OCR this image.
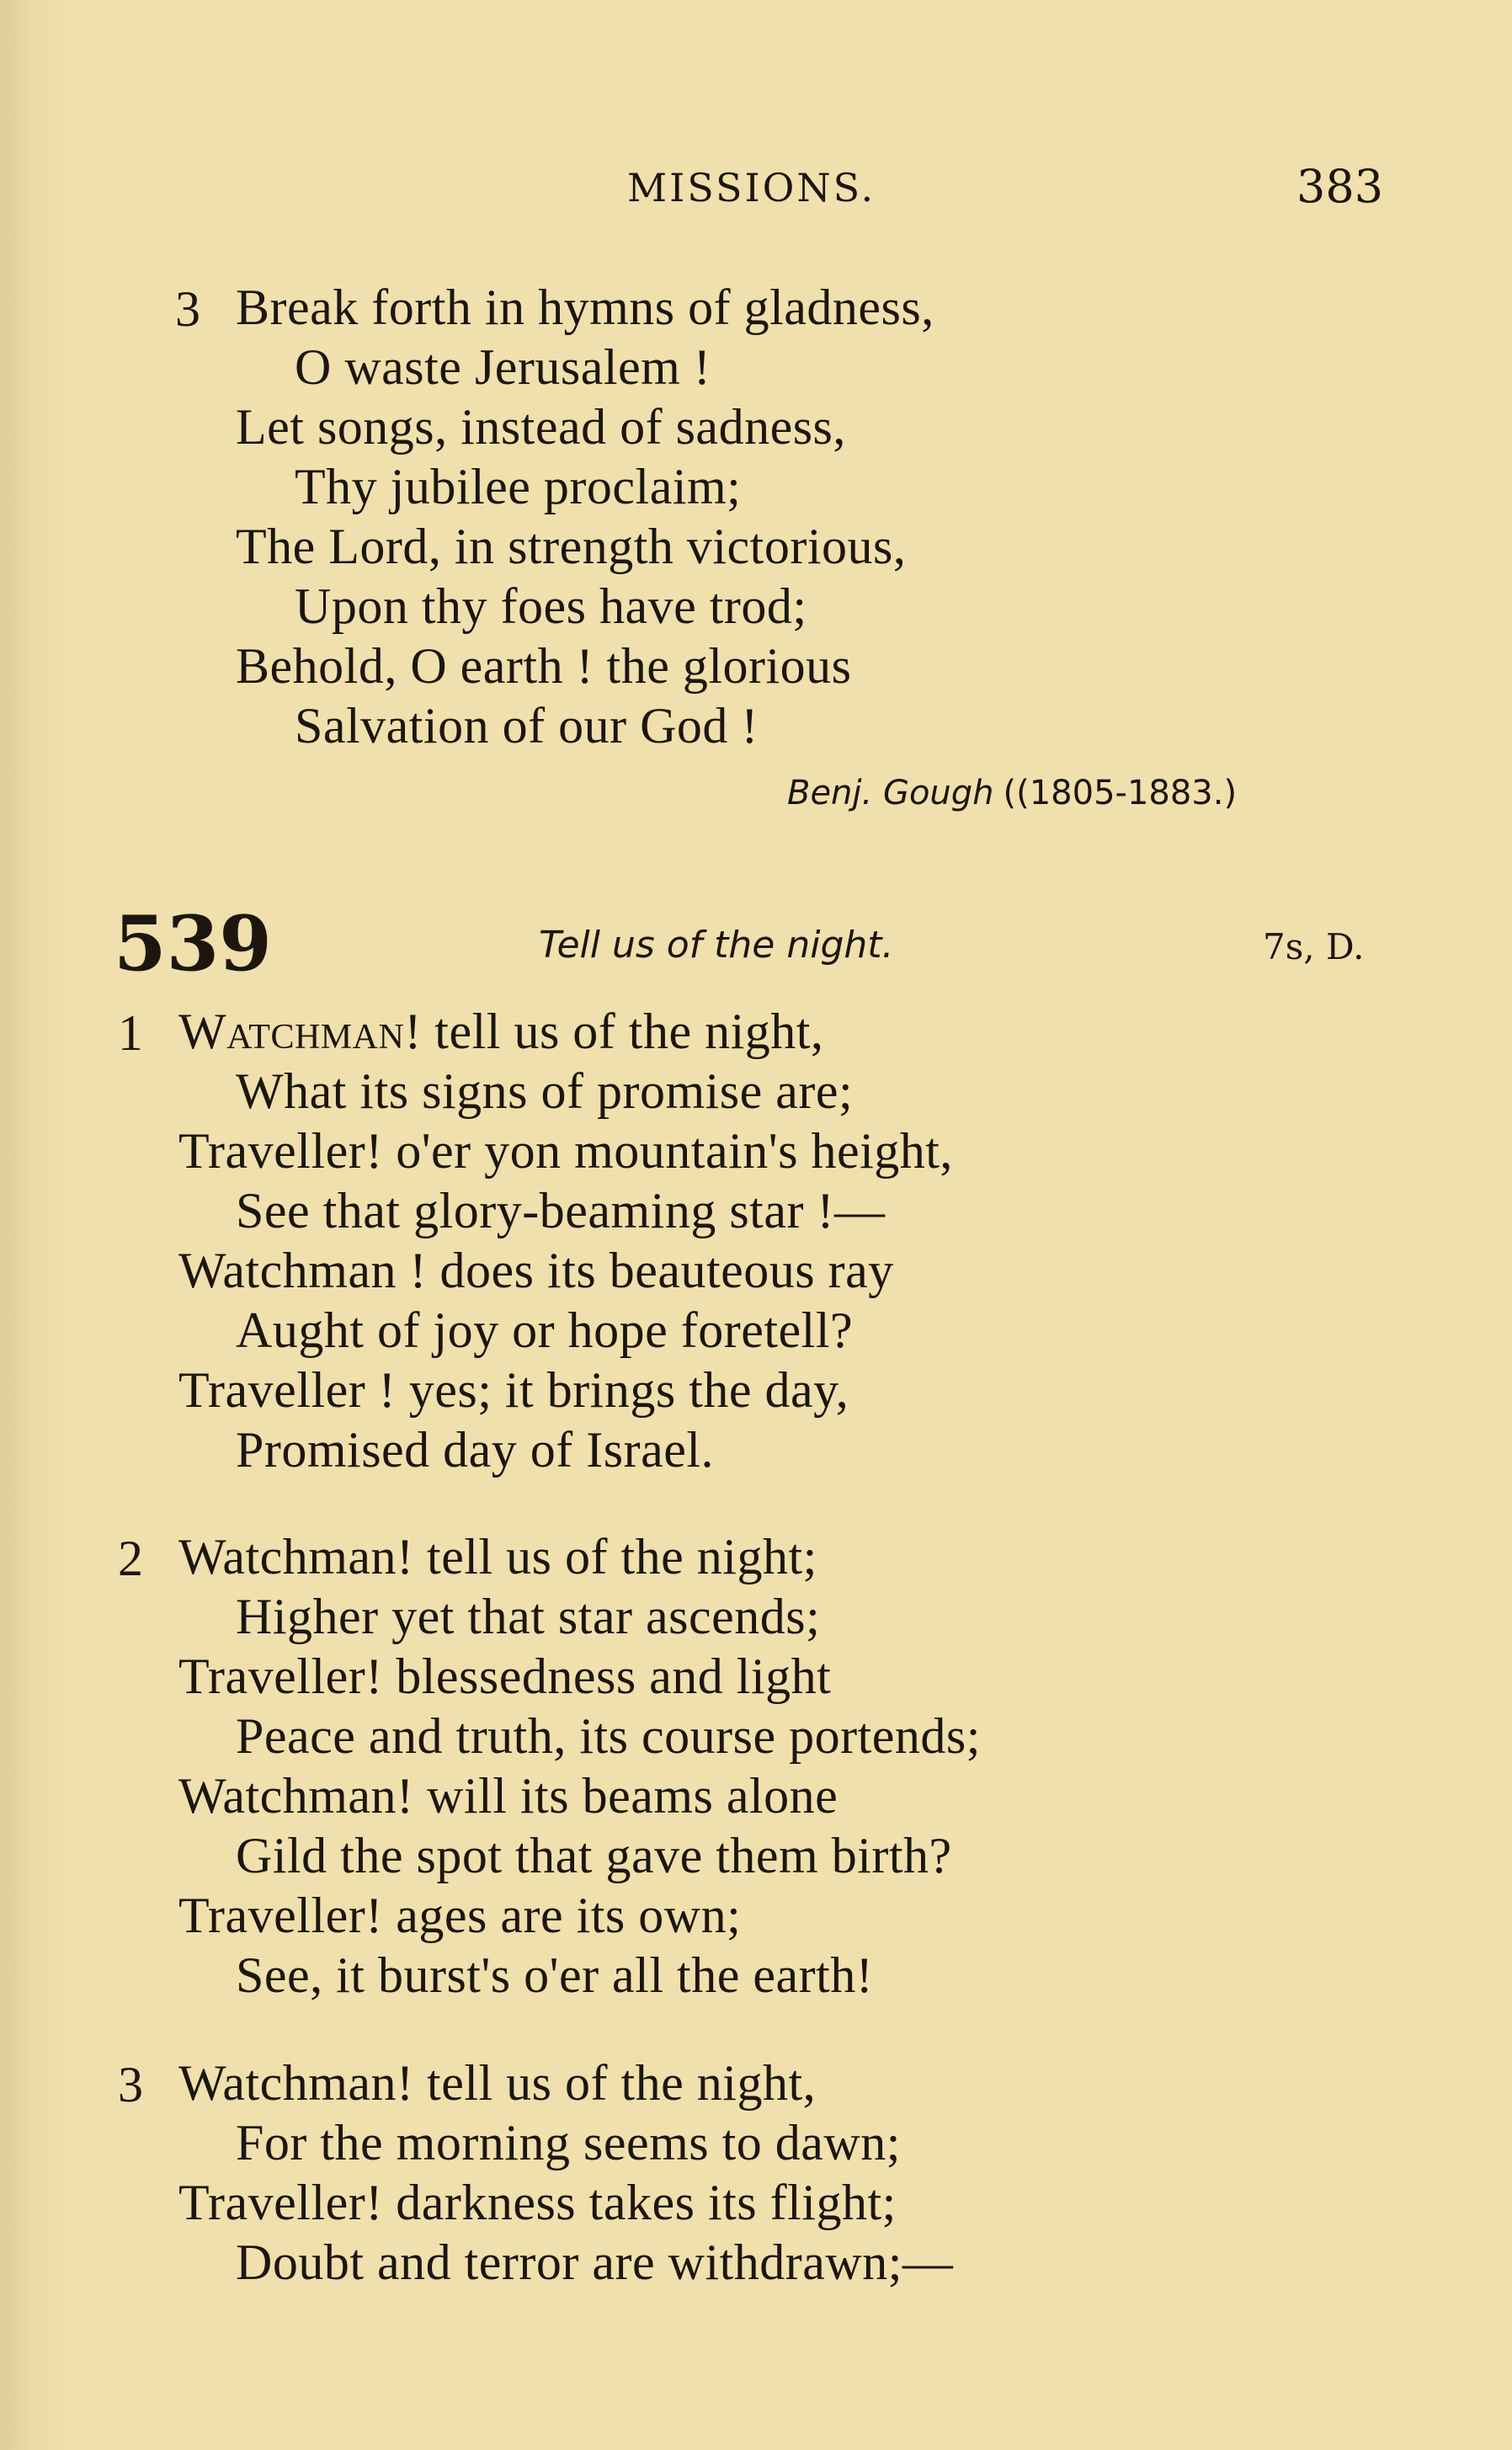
MISSIONS.	383
3 Break forth in hymns of gladness,
O waste Jerusalem !
Let songs, instead of sadness,
Thy jubilee proclaim;
The Lord, in strength victorious,
Upon thy foes have trod;
Behold, O earth ! the glorious
Salvation of our God !
Benj. Gough ((1805-1883.)
539	Tell us of the night.	7s, D.
1 Watchman! tell us of the night,
What its signs of promise are;
Traveller! o'er yon mountain's height,
See that glory-beaming star !—
Watchman ! does its beauteous ray
Aught of joy or hope foretell?
Traveller ! yes; it brings the day,
Promised day of Israel.
2 Watchman! tell us of the night;
Higher yet that star ascends;
Traveller! blessedness and light
Peace and truth, its course portends;
Watchman! will its beams alone
Gild the spot that gave them birth?
Traveller! ages are its own;
See, it burst's o'er all the earth!
3 Watchman! tell us of the night,
For the morning seems to dawn;
Traveller! darkness takes its flight;
Doubt and terror are withdrawn;—
